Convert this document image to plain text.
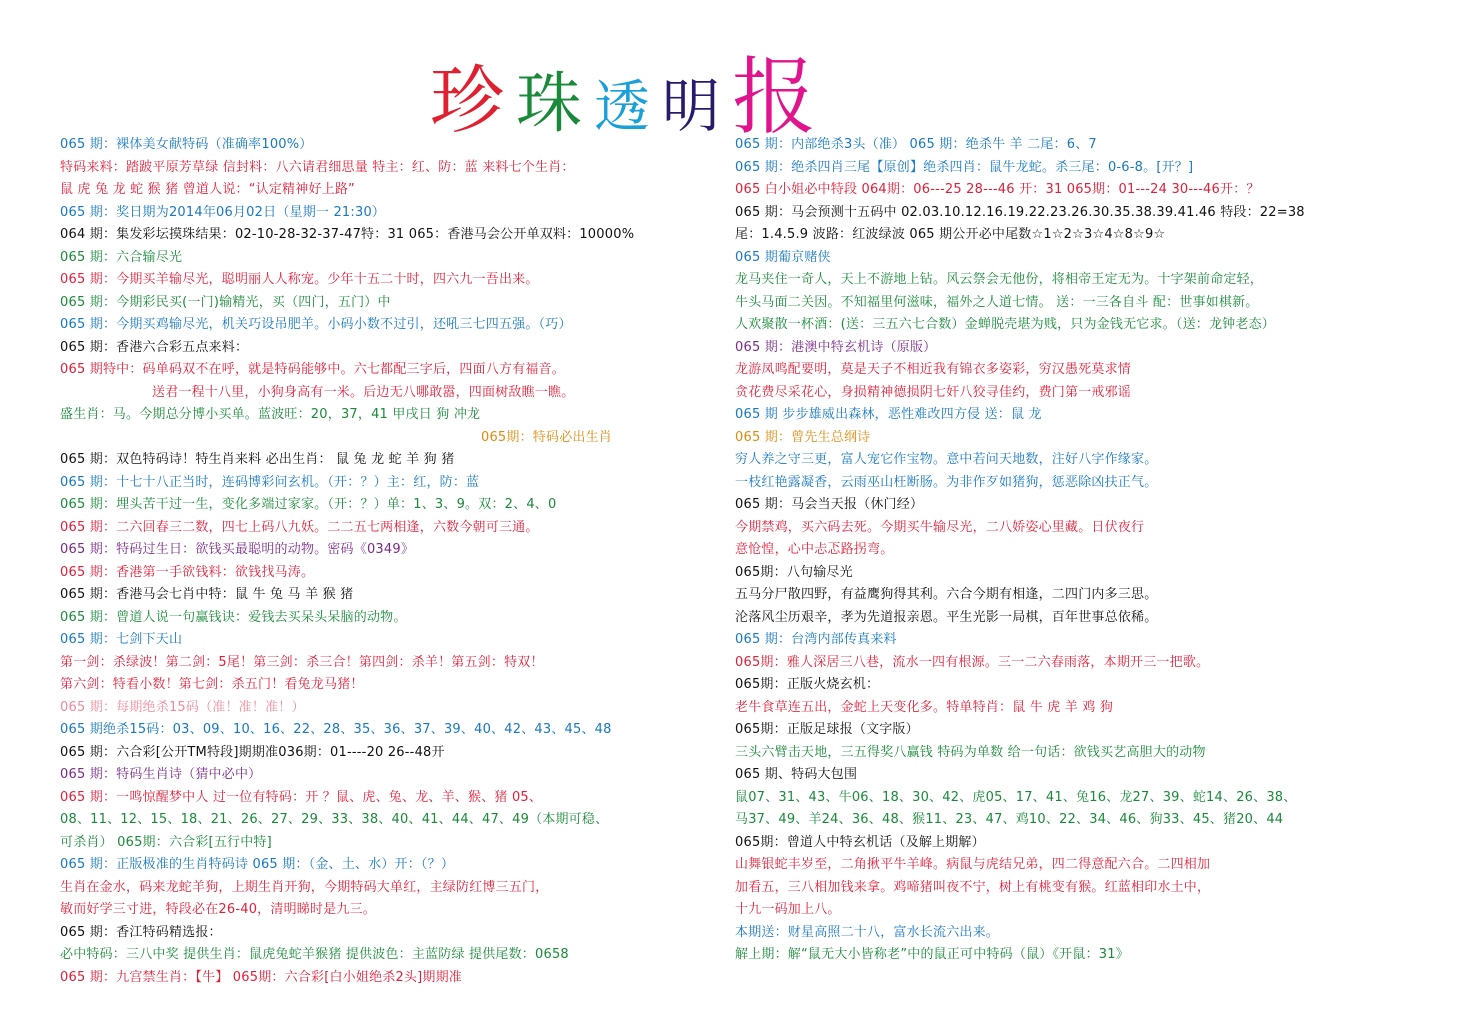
珍 珠 透 明 报
065 期：裸体美女献特码（准确率100%）
特码来料：踏跛平原芳草绿 信封料：八六请君细思量 特主：红、防：蓝 来料七个生肖：
鼠 虎 兔 龙 蛇 猴 猪 曾道人说：“认定精神好上路”
065 期：奖日期为2014年06月02日（星期一 21:30）
064 期：集发彩坛摸珠结果：02-10-28-32-37-47特：31 065：香港马会公开单双料：10000%
065 期：六合输尽光
065 期：今期买羊输尽光，聪明丽人人称宠。少年十五二十时，四六九一吾出来。
065 期：今期彩民买(一门)输精光，买（四门，五门）中
065 期：今期买鸡输尽光，机关巧设吊肥羊。小码小数不过引，还吼三七四五强。（巧）
065 期：香港六合彩五点来料：
065 期特中：码单码双不在呼，就是特码能够中。六七都配三字后，四面八方有福音。
送君一程十八里，小狗身高有一米。后边无八哪敢嚣，四面树敌瞧一瞧。
盛生肖：马。今期总分博小买单。蓝波旺：20，37，41 甲戌日 狗 冲龙
065期：特码必出生肖
065 期：双色特码诗！特生肖来料 必出生肖： 鼠 兔 龙 蛇 羊 狗 猪
065 期：十七十八正当时，连码博彩问玄机。（开：？）主：红，防：蓝
065 期：埋头苦干过一生，变化多端过家家。（开：？）单：1、3、9。双：2、4、0
065 期：二六回春三二数，四七上码八九妖。二二五七两相逢，六数今朝可三通。
065 期：特码过生日：欲钱买最聪明的动物。密码《0349》
065 期：香港第一手欲钱料：欲钱找马涛。
065 期：香港马会七肖中特：鼠 牛 兔 马 羊 猴 猪
065 期：曾道人说一句赢钱诀：爱钱去买呆头呆脑的动物。
065 期：七剑下天山
第一剑：杀绿波！第二剑：5尾！第三剑：杀三合！第四剑：杀羊！第五剑：特双！
第六剑：特看小数！第七剑：杀五门！看兔龙马猪！
065 期：每期绝杀15码（准！准！准！）
065 期绝杀15码：03、09、10、16、22、28、35、36、37、39、40、42、43、45、48
065 期：六合彩[公开TM特段]期期准036期：01----20 26--48开
065 期：特码生肖诗（猜中必中）
065 期：一鸣惊醒梦中人 过一位有特码：开 ？鼠、虎、兔、龙、羊、猴、猪 05、
08、11、12、15、18、21、26、27、29、33、38、40、41、44、47、49（本期可稳、
可杀肖） 065期：六合彩[五行中特]
065 期：正版极准的生肖特码诗 065 期：（金、土、水）开：（？）
生肖在金水，码来龙蛇羊狗，上期生肖开狗，今期特码大单红，主绿防红博三五门，
敏而好学三寸进，特段必在26-40，清明睇时是九三。
065 期：香江特码精选报：
必中特码：三八中奖 提供生肖：鼠虎兔蛇羊猴猪 提供波色：主蓝防绿 提供尾数：0658
065 期：九宫禁生肖：【牛】 065期：六合彩[白小姐绝杀2头]期期准
065 期：内部绝杀3头（准） 065 期：绝杀牛 羊 二尾：6、7
065 期：绝杀四肖三尾【原创】绝杀四肖：鼠牛龙蛇。杀三尾：0-6-8。[开？]
065 白小姐必中特段 064期：06---25 28---46 开：31 065期：01---24 30---46开：？
065 期：马会预测十五码中 02.03.10.12.16.19.22.23.26.30.35.38.39.41.46 特段：22=38
尾：1.4.5.9 波路：红波绿波 065 期公开必中尾数☆1☆2☆3☆4☆8☆9☆
065 期葡京赌侠
龙马夹住一奇人，天上不游地上钻。风云祭会无他份，将相帝王定无为。十字架前命定轻，
牛头马面二关因。不知福里何滋味，福外之人道七情。 送：一三各自斗 配：世事如棋新。
人欢聚散一杯酒：(送：三五六七合数）金蝉脱壳堪为贱，只为金钱无它求。（送：龙钟老态）
065 期：港澳中特玄机诗（原版）
龙游凤鸣配要明，莫是天子不相近我有锦衣多姿彩，穷汉愚死莫求情
贪花费尽采花心，身损精神德损阴七奸八狡寻佳约，费门第一戒邪谣
065 期 步步雄威出森林，恶性难改四方侵 送：鼠 龙
065 期：曾先生总纲诗
穷人养之守三更，富人宠它作宝物。意中若问天地数，注好八字作缘家。
一枝红艳露凝香，云雨巫山枉断肠。为非作歹如猪狗，惩恶除凶扶正气。
065 期：马会当天报（休门经）
今期禁鸡，买六码去死。今期买牛输尽光，二八娇姿心里藏。日伏夜行
意怆惶，心中忐忑路拐弯。
065期：八句输尽光
五马分尸散四野，有益鹰狗得其利。六合今期有相逢，二四门内多三思。
沦落风尘历艰辛，孝为先道报亲恩。平生光影一局棋，百年世事总依稀。
065 期：台湾内部传真来料
065期：雅人深居三八巷，流水一四有根源。三一二六春雨落，本期开三一把歌。
065期：正版火烧玄机：
老牛食草连五出，金蛇上天变化多。特单特肖：鼠 牛 虎 羊 鸡 狗
065期：正版足球报（文字版）
三头六臂击天地，三五得奖八赢钱 特码为单数 给一句话：欲钱买艺高胆大的动物
065 期、特码大包围
鼠07、31、43、牛06、18、30、42、虎05、17、41、兔16、龙27、39、蛇14、26、38、
马37、49、羊24、36、48、猴11、23、47、鸡10、22、34、46、狗33、45、猪20、44
065期：曾道人中特玄机话（及解上期解）
山舞银蛇丰岁至，二角揪平牛羊峰。病鼠与虎结兄弟，四二得意配六合。二四相加
加看五，三八相加钱来拿。鸡啼猪叫夜不宁，树上有桃变有猴。红蓝相印水土中，
十九一码加上八。
本期送：财星高照二十八，富水长流六出来。
解上期：解“鼠无大小皆称老”中的鼠正可中特码（鼠）《开鼠：31》
